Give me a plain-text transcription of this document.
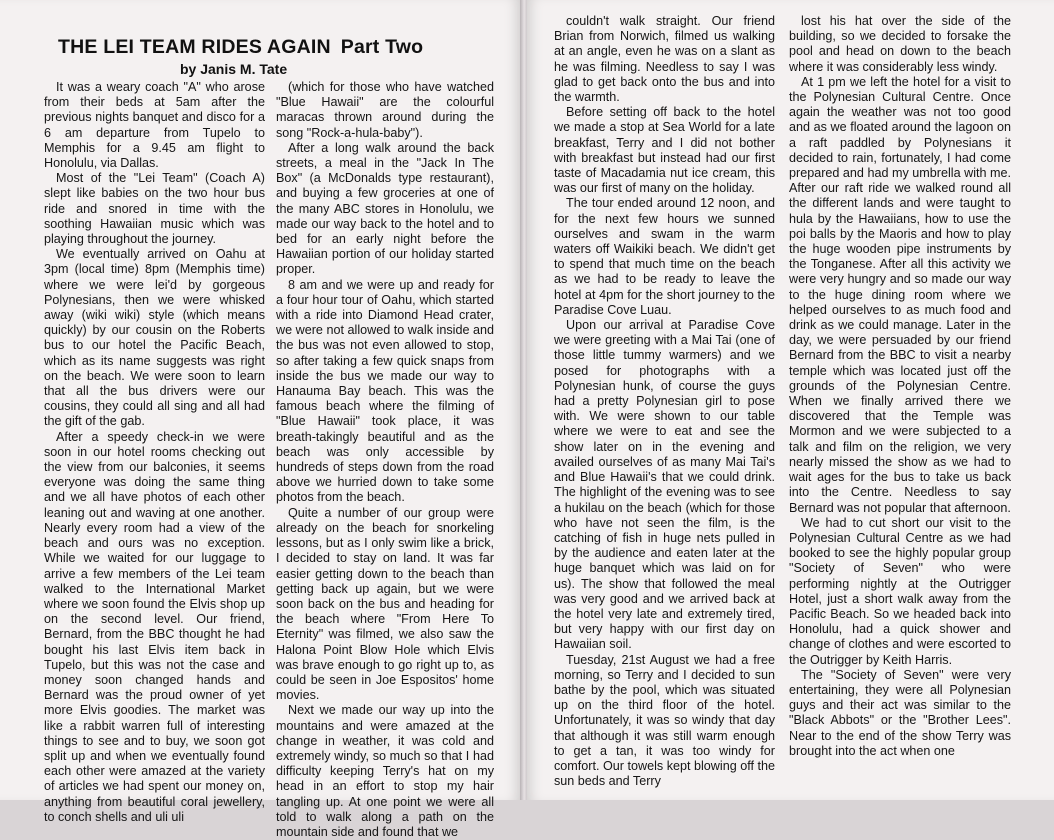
THE LEI TEAM RIDES AGAIN Part Two
by Janis M. Tate

It was a weary coach "A" who arose from their beds at 5am after the previous nights banquet and disco for a 6 am departure from Tupelo to Memphis for a 9.45 am flight to Honolulu, via Dallas.

Most of the "Lei Team" (Coach A) slept like babies on the two hour bus ride and snored in time with the soothing Hawaiian music which was playing throughout the journey.

We eventually arrived on Oahu at 3pm (local time) 8pm (Memphis time) where we were lei'd by gorgeous Polynesians, then we were whisked away (wiki wiki) style (which means quickly) by our cousin on the Roberts bus to our hotel the Pacific Beach, which as its name suggests was right on the beach. We were soon to learn that all the bus drivers were our cousins, they could all sing and all had the gift of the gab.

After a speedy check-in we were soon in our hotel rooms checking out the view from our balconies, it seems everyone was doing the same thing and we all have photos of each other leaning out and waving at one another. Nearly every room had a view of the beach and ours was no exception. While we waited for our luggage to arrive a few members of the Lei team walked to the International Market where we soon found the Elvis shop up on the second level. Our friend, Bernard, from the BBC thought he had bought his last Elvis item back in Tupelo, but this was not the case and money soon changed hands and Bernard was the proud owner of yet more Elvis goodies. The market was like a rabbit warren full of interesting things to see and to buy, we soon got split up and when we eventually found each other were amazed at the variety of articles we had spent our money on, anything from beautiful coral jewellery, to conch shells and uli uli

(which for those who have watched "Blue Hawaii" are the colourful maracas thrown around during the song "Rock-a-hula-baby").

After a long walk around the back streets, a meal in the "Jack In The Box" (a McDonalds type restaurant), and buying a few groceries at one of the many ABC stores in Honolulu, we made our way back to the hotel and to bed for an early night before the Hawaiian portion of our holiday started proper.

8 am and we were up and ready for a four hour tour of Oahu, which started with a ride into Diamond Head crater, we were not allowed to walk inside and the bus was not even allowed to stop, so after taking a few quick snaps from inside the bus we made our way to Hanauma Bay beach. This was the famous beach where the filming of "Blue Hawaii" took place, it was breath-takingly beautiful and as the beach was only accessible by hundreds of steps down from the road above we hurried down to take some photos from the beach.

Quite a number of our group were already on the beach for snorkeling lessons, but as I only swim like a brick, I decided to stay on land. It was far easier getting down to the beach than getting back up again, but we were soon back on the bus and heading for the beach where "From Here To Eternity" was filmed, we also saw the Halona Point Blow Hole which Elvis was brave enough to go right up to, as could be seen in Joe Espositos' home movies.

Next we made our way up into the mountains and were amazed at the change in weather, it was cold and extremely windy, so much so that I had difficulty keeping Terry's hat on my head in an effort to stop my hair tangling up. At one point we were all told to walk along a path on the mountain side and found that we

couldn't walk straight. Our friend Brian from Norwich, filmed us walking at an angle, even he was on a slant as he was filming. Needless to say I was glad to get back onto the bus and into the warmth.

Before setting off back to the hotel we made a stop at Sea World for a late breakfast, Terry and I did not bother with breakfast but instead had our first taste of Macadamia nut ice cream, this was our first of many on the holiday.

The tour ended around 12 noon, and for the next few hours we sunned ourselves and swam in the warm waters off Waikiki beach. We didn't get to spend that much time on the beach as we had to be ready to leave the hotel at 4pm for the short journey to the Paradise Cove Luau.

Upon our arrival at Paradise Cove we were greeting with a Mai Tai (one of those little tummy warmers) and we posed for photographs with a Polynesian hunk, of course the guys had a pretty Polynesian girl to pose with. We were shown to our table where we were to eat and see the show later on in the evening and availed ourselves of as many Mai Tai's and Blue Hawaii's that we could drink. The highlight of the evening was to see a hukilau on the beach (which for those who have not seen the film, is the catching of fish in huge nets pulled in by the audience and eaten later at the huge banquet which was laid on for us). The show that followed the meal was very good and we arrived back at the hotel very late and extremely tired, but very happy with our first day on Hawaiian soil.

Tuesday, 21st August we had a free morning, so Terry and I decided to sun bathe by the pool, which was situated up on the third floor of the hotel. Unfortunately, it was so windy that day that although it was still warm enough to get a tan, it was too windy for comfort. Our towels kept blowing off the sun beds and Terry

lost his hat over the side of the building, so we decided to forsake the pool and head on down to the beach where it was considerably less windy.

At 1 pm we left the hotel for a visit to the Polynesian Cultural Centre. Once again the weather was not too good and as we floated around the lagoon on a raft paddled by Polynesians it decided to rain, fortunately, I had come prepared and had my umbrella with me. After our raft ride we walked round all the different lands and were taught to hula by the Hawaiians, how to use the poi balls by the Maoris and how to play the huge wooden pipe instruments by the Tonganese. After all this activity we were very hungry and so made our way to the huge dining room where we helped ourselves to as much food and drink as we could manage. Later in the day, we were persuaded by our friend Bernard from the BBC to visit a nearby temple which was located just off the grounds of the Polynesian Centre. When we finally arrived there we discovered that the Temple was Mormon and we were subjected to a talk and film on the religion, we very nearly missed the show as we had to wait ages for the bus to take us back into the Centre. Needless to say Bernard was not popular that afternoon.

We had to cut short our visit to the Polynesian Cultural Centre as we had booked to see the highly popular group "Society of Seven" who were performing nightly at the Outrigger Hotel, just a short walk away from the Pacific Beach. So we headed back into Honolulu, had a quick shower and change of clothes and were escorted to the Outrigger by Keith Harris.

The "Society of Seven" were very entertaining, they were all Polynesian guys and their act was similar to the "Black Abbots" or the "Brother Lees". Near to the end of the show Terry was brought into the act when one
